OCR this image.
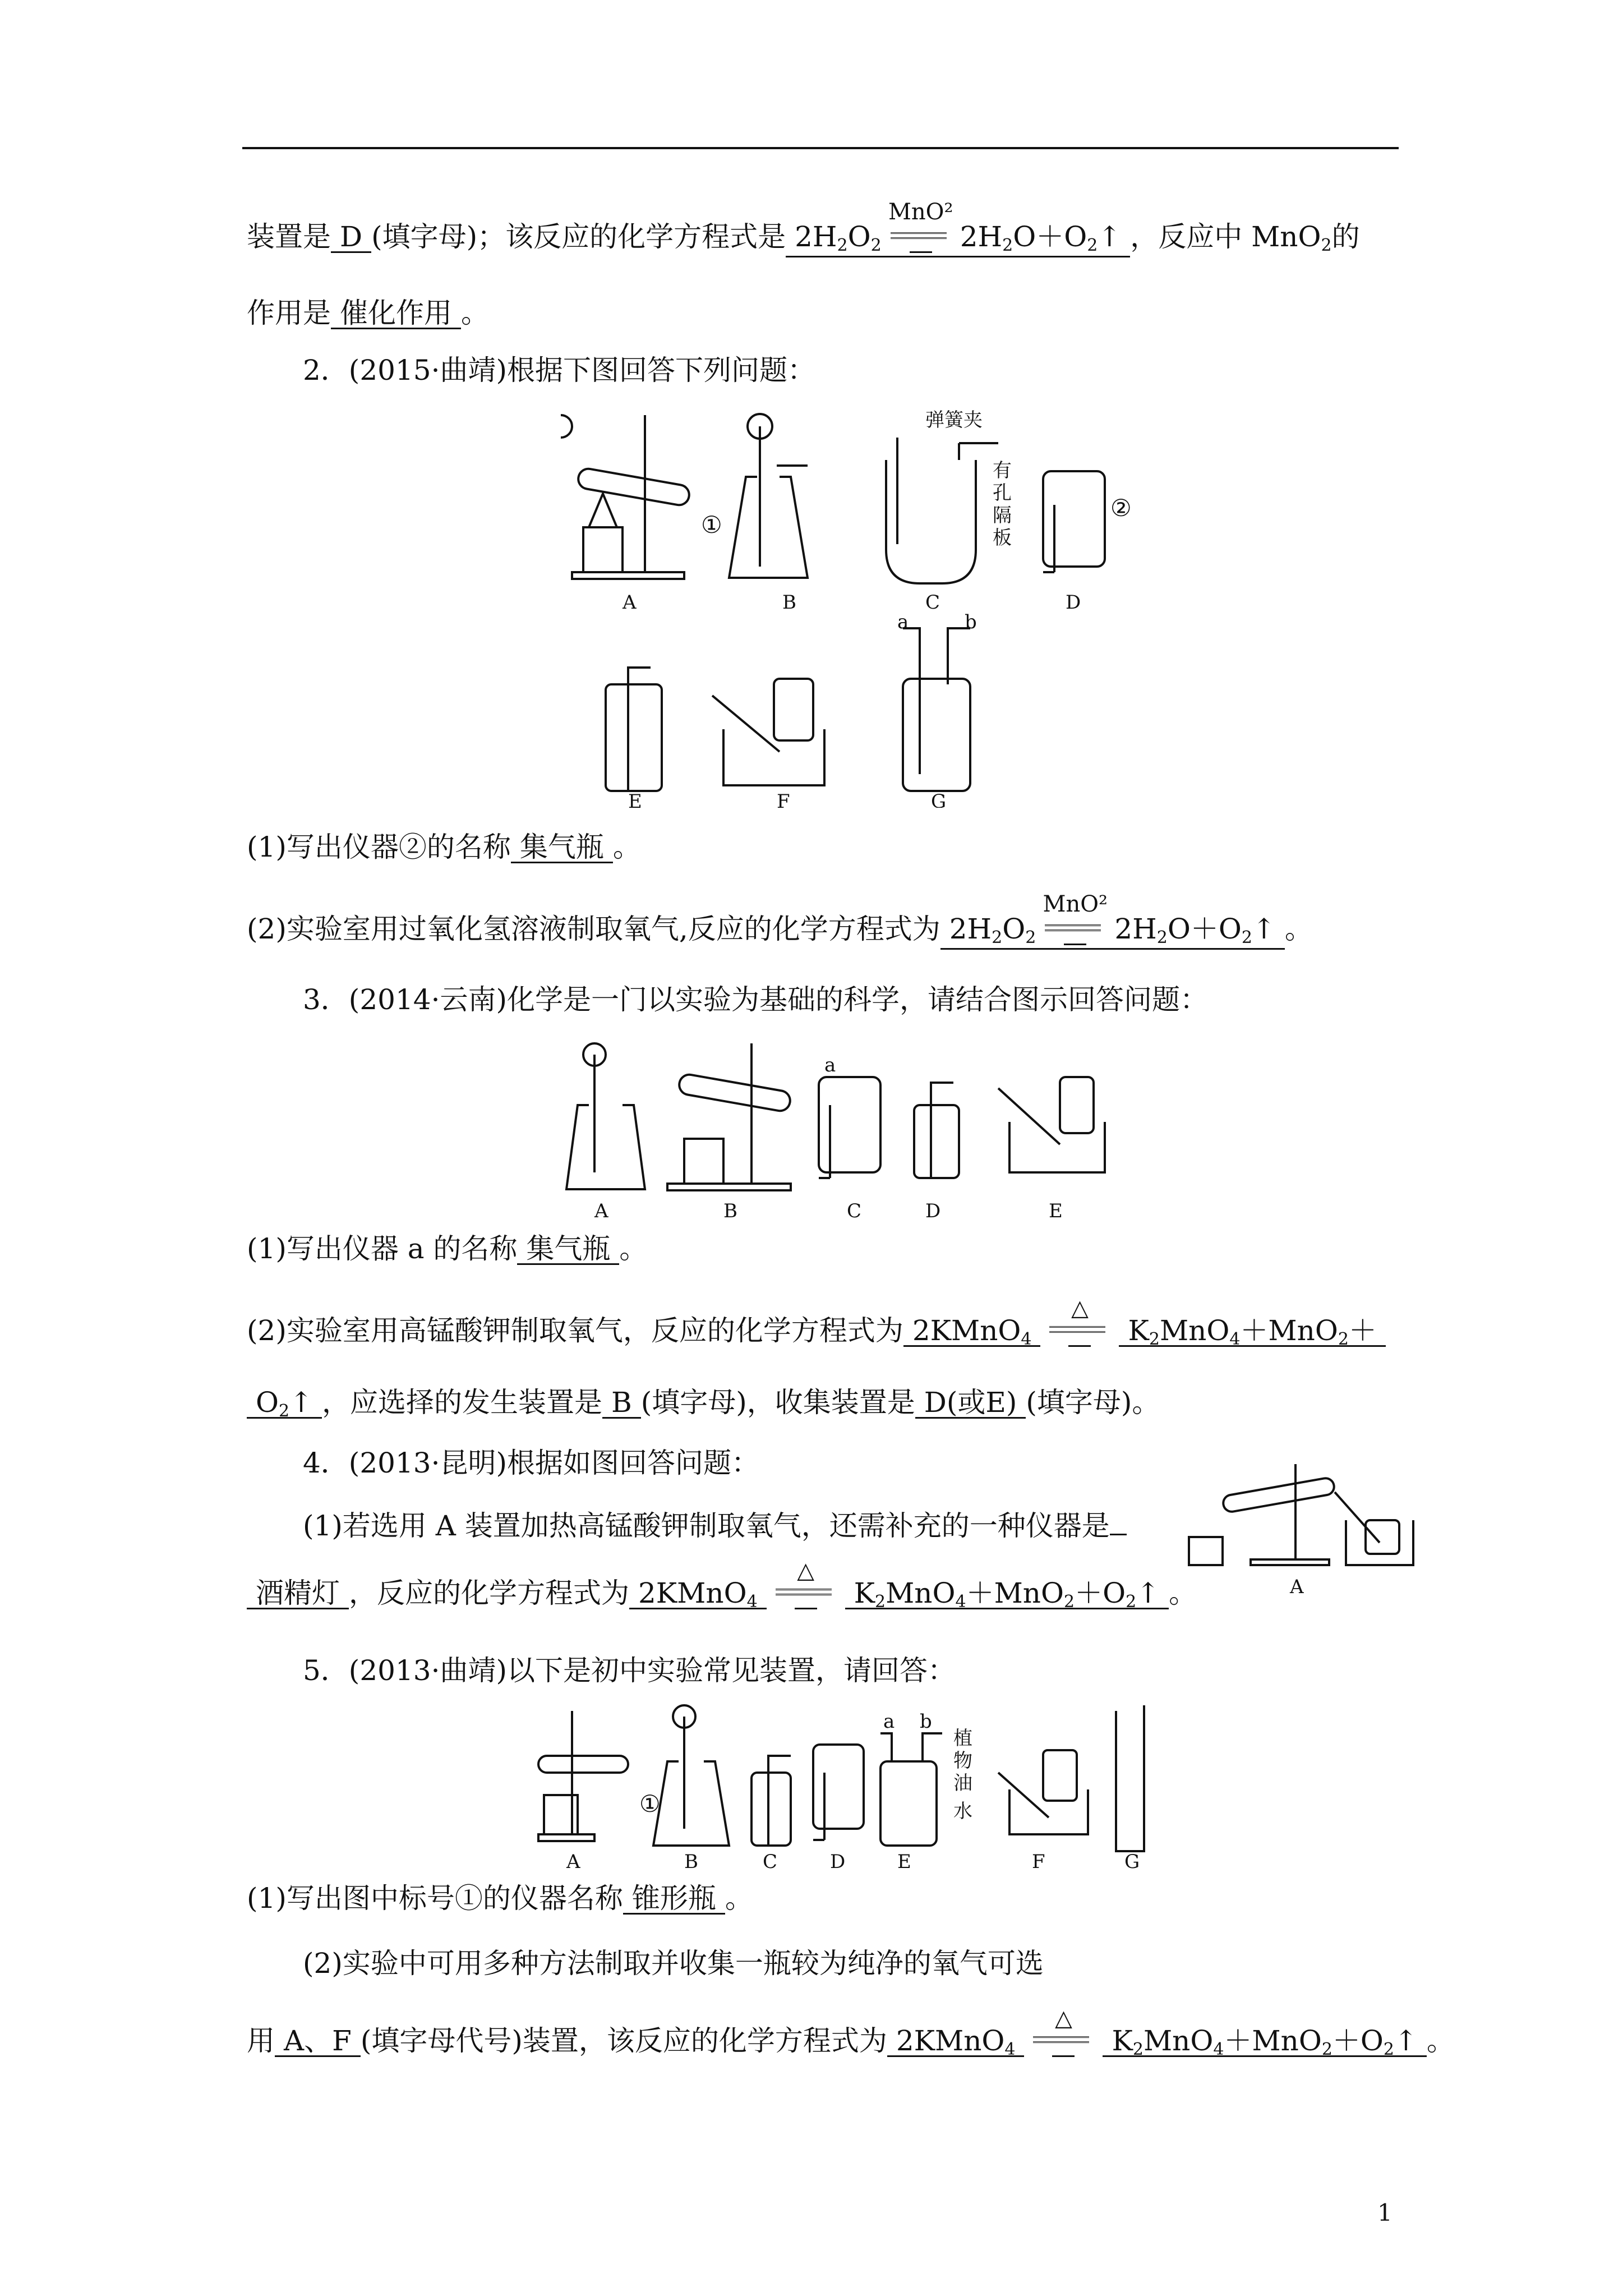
装置是 D (填字母)；该反应的化学方程式是 $2H_2O_2$
MnO²
$2H_2O+O_2↑$ ，反应中 MnO$_2$的
作用是 催化作用 。
2．(2015·曲靖)根据下图回答下列问题：
A	B	C	D
E	F	G
①
②
弹簧夹
有
孔
隔
板
a	b
(1)写出仪器②的名称 集气瓶 。
(2)实验室用过氧化氢溶液制取氧气,反应的化学方程式为 $2H_2O_2$
MnO²
$2H_2O+O_2↑$ 。
3．(2014·云南)化学是一门以实验为基础的科学，请结合图示回答问题：
A	B	C	D	E
a
(1)写出仪器 a 的名称 集气瓶 。
(2)实验室用高锰酸钾制取氧气，反应的化学方程式为 2KMnO$_4$
△
$K_2MnO_4+MnO_2+$
$O_2↑$ ，应选择的发生装置是 B (填字母)，收集装置是 D(或E) (填字母)。
4．(2013·昆明)根据如图回答问题：
(1)若选用 A 装置加热高锰酸钾制取氧气，还需补充的一种仪器是
酒精灯 ，反应的化学方程式为 2KMnO$_4$
△
$K_2MnO_4+MnO_2+O_2↑$ 。	A
5．(2013·曲靖)以下是初中实验常见装置，请回答：
A	B	C	D	E	F	G
①
a b
植
物
油
水
(1)写出图中标号①的仪器名称 锥形瓶 。
(2)实验中可用多种方法制取并收集一瓶较为纯净的氧气可选
用 A、F (填字母代号)装置，该反应的化学方程式为 2KMnO$_4$
△
$K_2MnO_4+MnO_2+O_2↑$ 。
1
